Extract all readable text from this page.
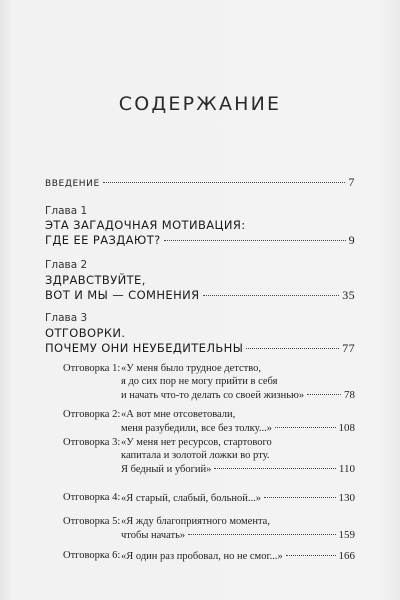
СОДЕРЖАНИЕ
ВВЕДЕНИЕ	7
Глава 1
ЭТА ЗАГАДОЧНАЯ МОТИВАЦИЯ:
ГДЕ ЕЕ РАЗДАЮТ?	9
Глава 2
ЗДРАВСТВУЙТЕ,
ВОТ И МЫ — СОМНЕНИЯ	35
Глава 3
ОТГОВОРКИ.
ПОЧЕМУ ОНИ НЕУБЕДИТЕЛЬНЫ	77
Отговорка 1: «У меня было трудное детство,
я до сих пор не могу прийти в себя
и начать что-то делать со своей жизнью»	78
Отговорка 2: «А вот мне отсоветовали,
меня разубедили, все без толку...»	108
Отговорка 3: «У меня нет ресурсов, стартового
капитала и золотой ложки во рту.
Я бедный и убогий»	110
Отговорка 4: «Я старый, слабый, больной...»	130
Отговорка 5: «Я жду благоприятного момента,
чтобы начать»	159
Отговорка 6: «Я один раз пробовал, но не смог...»	166
